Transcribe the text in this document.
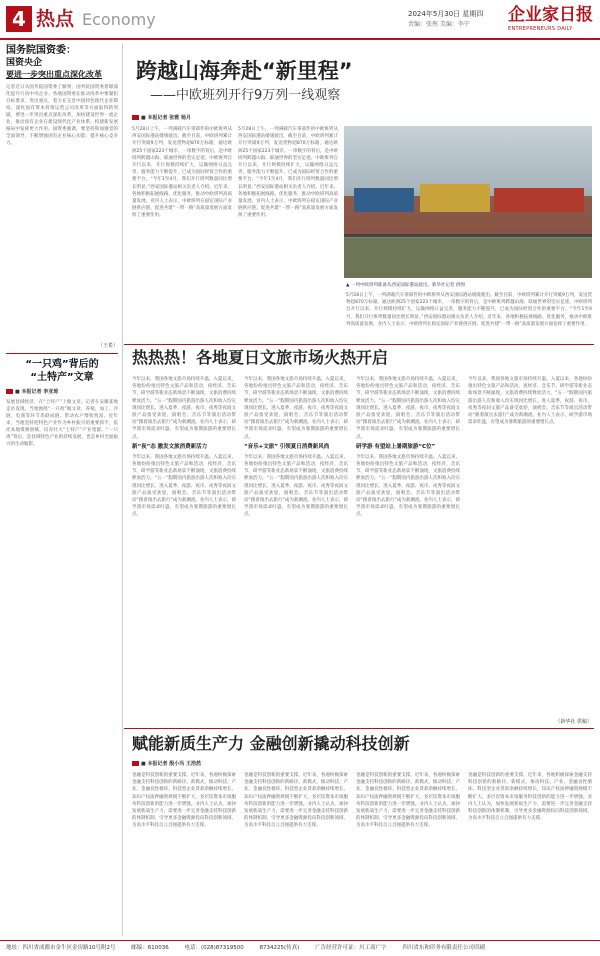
4 热点 Economy	2024年5月30日 星期四
责编：张彤 美编：李宁 企业家日报
ENTREPRENEURS DAILY
国务院国资委：
国资央企
要进一步突出重点深化改革
记者近日从国务院国资委了解到，国务院国资委着眼深化提升行动中央企业、各地国资委在推动改革中要紧扣目标要求，突出重点，着力在完善中国特色现代企业制度、深化国有资本投资运营公司改革等方面取得新突破。要进一步突出重点深化改革，加快建设世界一流企业，推动国有企业在建设现代化产业体系、构建新发展格局中发挥更大作用。国资委强调，要坚持和加强党的全面领导，不断增强国有企业核心功能、提升核心竞争力。
（王希）
“一只鸡”背后的
“土特产”文章
■ 本报记者 李亚琼
发展县域经济，在“土特产”上做文章。记者在安徽某地走访发现，当地围绕“一只鸡”做文章，养殖、加工、冷链、电商等环节串联成链，带动农户增收致富。近年来，当地坚持把特色产业作为乡村振兴的重要抓手，依托本地资源禀赋，培育壮大“土特产”产业集群。“一只鸡”背后，是县域特色产业的持续发展，也是乡村全面振兴的生动缩影。
跨越山海奔赴“新里程”
——中欧班列开行9万列一线观察
■ 本报记者 张雅 杨月
5月28日上午，一列满载汽车零部件的中欧班列从西安国际港站缓缓驶出。截至目前，中欧班列累计开行突破9万列，发送货物超870万标箱，通达欧洲25个国家223个城市。一串数字的背后，是中欧班列跨越山海、联通世界的坚实足迹。中欧班列自开行以来，开行规模持续扩大，运输网络日益完善，服务能力不断提升，已成为国际经贸合作的重要平台。“今年1至4月，我们开行班列数量同比增长明显。”西安国际港站相关负责人介绍。近年来，各地积极拓展线路、优化服务，推动中欧班列高质量发展。业内人士表示，中欧班列在稳定国际产业链供应链、促进共建“一带一路”高质量发展方面发挥了重要作用。
5月28日上午，一列满载汽车零部件的中欧班列从西安国际港站缓缓驶出。截至目前，中欧班列累计开行突破9万列，发送货物超870万标箱，通达欧洲25个国家223个城市。一串数字的背后，是中欧班列跨越山海、联通世界的坚实足迹。中欧班列自开行以来，开行规模持续扩大，运输网络日益完善，服务能力不断提升，已成为国际经贸合作的重要平台。“今年1至4月，我们开行班列数量同比增长明显。”西安国际港站相关负责人介绍。近年来，各地积极拓展线路、优化服务，推动中欧班列高质量发展。业内人士表示，中欧班列在稳定国际产业链供应链、促进共建“一带一路”高质量发展方面发挥了重要作用。
▲ 一列中欧班列准备从西安国际港站驶出。新华社记者 供图
5月28日上午，一列满载汽车零部件的中欧班列从西安国际港站缓缓驶出。截至目前，中欧班列累计开行突破9万列，发送货物超870万标箱，通达欧洲25个国家223个城市。一串数字的背后，是中欧班列跨越山海、联通世界的坚实足迹。中欧班列自开行以来，开行规模持续扩大，运输网络日益完善，服务能力不断提升，已成为国际经贸合作的重要平台。“今年1至4月，我们开行班列数量同比增长明显。”西安国际港站相关负责人介绍。近年来，各地积极拓展线路、优化服务，推动中欧班列高质量发展。业内人士表示，中欧班列在稳定国际产业链供应链、促进共建“一带一路”高质量发展方面发挥了重要作用。
热热热！各地夏日文旅市场火热开启
今年以来，我国各地文旅市场持续升温。入夏以来，各地纷纷推出特色文旅产品和活动，夜经济、音乐节、研学游等新业态新场景不断涌现，文旅消费持续释放活力。“五一”假期国内旅游出游人次和收入均实现同比增长。进入夏季，夜游、夜市、夜秀等夜间文旅产品备受欢迎，演唱会、音乐节等演出活动带动“跟着演出去旅行”成为新潮流。业内人士表示，研学游市场需求旺盛，有望成为暑期旅游的重要增长点。
新“夜”态 激发文旅消费新活力
今年以来，我国各地文旅市场持续升温。入夏以来，各地纷纷推出特色文旅产品和活动，夜经济、音乐节、研学游等新业态新场景不断涌现，文旅消费持续释放活力。“五一”假期国内旅游出游人次和收入均实现同比增长。进入夏季，夜游、夜市、夜秀等夜间文旅产品备受欢迎，演唱会、音乐节等演出活动带动“跟着演出去旅行”成为新潮流。业内人士表示，研学游市场需求旺盛，有望成为暑期旅游的重要增长点。
今年以来，我国各地文旅市场持续升温。入夏以来，各地纷纷推出特色文旅产品和活动，夜经济、音乐节、研学游等新业态新场景不断涌现，文旅消费持续释放活力。“五一”假期国内旅游出游人次和收入均实现同比增长。进入夏季，夜游、夜市、夜秀等夜间文旅产品备受欢迎，演唱会、音乐节等演出活动带动“跟着演出去旅行”成为新潮流。业内人士表示，研学游市场需求旺盛，有望成为暑期旅游的重要增长点。
“音乐+文旅” 引领夏日消费新风尚
今年以来，我国各地文旅市场持续升温。入夏以来，各地纷纷推出特色文旅产品和活动，夜经济、音乐节、研学游等新业态新场景不断涌现，文旅消费持续释放活力。“五一”假期国内旅游出游人次和收入均实现同比增长。进入夏季，夜游、夜市、夜秀等夜间文旅产品备受欢迎，演唱会、音乐节等演出活动带动“跟着演出去旅行”成为新潮流。业内人士表示，研学游市场需求旺盛，有望成为暑期旅游的重要增长点。
今年以来，我国各地文旅市场持续升温。入夏以来，各地纷纷推出特色文旅产品和活动，夜经济、音乐节、研学游等新业态新场景不断涌现，文旅消费持续释放活力。“五一”假期国内旅游出游人次和收入均实现同比增长。进入夏季，夜游、夜市、夜秀等夜间文旅产品备受欢迎，演唱会、音乐节等演出活动带动“跟着演出去旅行”成为新潮流。业内人士表示，研学游市场需求旺盛，有望成为暑期旅游的重要增长点。
研学游 有望站上暑期旅游“C位”
今年以来，我国各地文旅市场持续升温。入夏以来，各地纷纷推出特色文旅产品和活动，夜经济、音乐节、研学游等新业态新场景不断涌现，文旅消费持续释放活力。“五一”假期国内旅游出游人次和收入均实现同比增长。进入夏季，夜游、夜市、夜秀等夜间文旅产品备受欢迎，演唱会、音乐节等演出活动带动“跟着演出去旅行”成为新潮流。业内人士表示，研学游市场需求旺盛，有望成为暑期旅游的重要增长点。
今年以来，我国各地文旅市场持续升温。入夏以来，各地纷纷推出特色文旅产品和活动，夜经济、音乐节、研学游等新业态新场景不断涌现，文旅消费持续释放活力。“五一”假期国内旅游出游人次和收入均实现同比增长。进入夏季，夜游、夜市、夜秀等夜间文旅产品备受欢迎，演唱会、音乐节等演出活动带动“跟着演出去旅行”成为新潮流。业内人士表示，研学游市场需求旺盛，有望成为暑期旅游的重要增长点。
（新华社 供稿）
赋能新质生产力 金融创新撬动科技创新
■ 本报记者 殷小冯 王浩然
金融是科技创新的重要支撑。近年来，各地积极探索金融支持科技创新的新路径、新模式，推动科技、产业、金融良性循环。科技型企业贷款余额持续增长，知识产权质押融资规模不断扩大，多层次资本市场服务科技创新的能力进一步增强。业内人士认为，加快发展新质生产力，需要进一步完善金融支持科技创新的体制机制，引导更多金融资源投向科技创新领域，为高水平科技自立自强提供有力支撑。
金融是科技创新的重要支撑。近年来，各地积极探索金融支持科技创新的新路径、新模式，推动科技、产业、金融良性循环。科技型企业贷款余额持续增长，知识产权质押融资规模不断扩大，多层次资本市场服务科技创新的能力进一步增强。业内人士认为，加快发展新质生产力，需要进一步完善金融支持科技创新的体制机制，引导更多金融资源投向科技创新领域，为高水平科技自立自强提供有力支撑。
金融是科技创新的重要支撑。近年来，各地积极探索金融支持科技创新的新路径、新模式，推动科技、产业、金融良性循环。科技型企业贷款余额持续增长，知识产权质押融资规模不断扩大，多层次资本市场服务科技创新的能力进一步增强。业内人士认为，加快发展新质生产力，需要进一步完善金融支持科技创新的体制机制，引导更多金融资源投向科技创新领域，为高水平科技自立自强提供有力支撑。
金融是科技创新的重要支撑。近年来，各地积极探索金融支持科技创新的新路径、新模式，推动科技、产业、金融良性循环。科技型企业贷款余额持续增长，知识产权质押融资规模不断扩大，多层次资本市场服务科技创新的能力进一步增强。业内人士认为，加快发展新质生产力，需要进一步完善金融支持科技创新的体制机制，引导更多金融资源投向科技创新领域，为高水平科技自立自强提供有力支撑。
地址：四川省成都市金牛区金房路10号附2号	邮编：610036	电话：(028)87319500	8734225(传真)	广告经营许可证：川工商广字	四川省东和印务有限责任公司印刷
